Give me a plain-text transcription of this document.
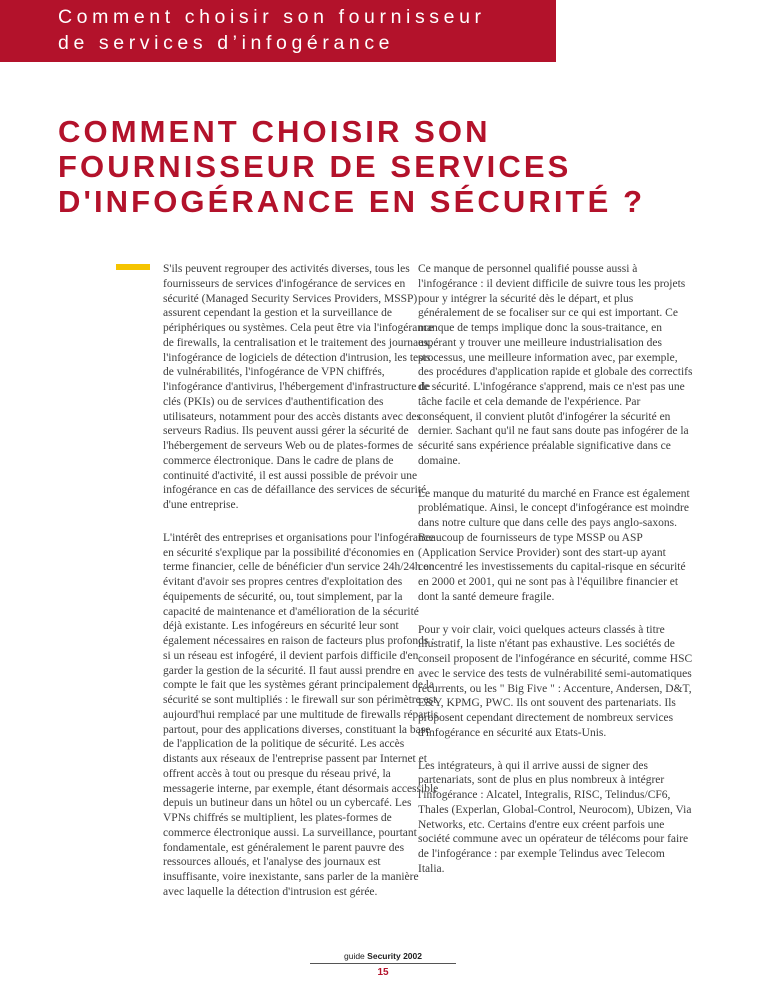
Comment choisir son fournisseur
de services d’infogérance
COMMENT CHOISIR SON
FOURNISSEUR DE SERVICES
D'INFOGÉRANCE EN SÉCURITÉ ?

S'ils peuvent regrouper des activités diverses, tous les fournisseurs de services d'infogérance de services en sécurité (Managed Security Services Providers, MSSP) assurent cependant la gestion et la surveillance de périphériques ou systèmes. Cela peut être via l'infogérance de firewalls, la centralisation et le traitement des journaux, l'infogérance de logiciels de détection d'intrusion, les tests de vulnérabilités, l'infogérance de VPN chiffrés, l'infogérance d'antivirus, l'hébergement d'infrastructure de clés (PKIs) ou de services d'authentification des utilisateurs, notamment pour des accès distants avec des serveurs Radius. Ils peuvent aussi gérer la sécurité de l'hébergement de serveurs Web ou de plates-formes de commerce électronique. Dans le cadre de plans de continuité d'activité, il est aussi possible de prévoir une infogérance en cas de défaillance des services de sécurité d'une entreprise.

L'intérêt des entreprises et organisations pour l'infogérance en sécurité s'explique par la possibilité d'économies en terme financier, celle de bénéficier d'un service 24h/24h en évitant d'avoir ses propres centres d'exploitation des équipements de sécurité, ou, tout simplement, par la capacité de maintenance et d'amélioration de la sécurité déjà existante. Les infogéreurs en sécurité leur sont également nécessaires en raison de facteurs plus profonds : si un réseau est infogéré, il devient parfois difficile d'en garder la gestion de la sécurité. Il faut aussi prendre en compte le fait que les systèmes gérant principalement de la sécurité se sont multipliés : le firewall sur son périmètre est aujourd'hui remplacé par une multitude de firewalls répartis partout, pour des applications diverses, constituant la base de l'application de la politique de sécurité. Les accès distants aux réseaux de l'entreprise passent par Internet et offrent accès à tout ou presque du réseau privé, la messagerie interne, par exemple, étant désormais accessible depuis un butineur dans un hôtel ou un cybercafé. Les VPNs chiffrés se multiplient, les plates-formes de commerce électronique aussi. La surveillance, pourtant fondamentale, est généralement le parent pauvre des ressources alloués, et l'analyse des journaux est insuffisante, voire inexistante, sans parler de la manière avec laquelle la détection d'intrusion est gérée.

Ce manque de personnel qualifié pousse aussi à l'infogérance : il devient difficile de suivre tous les projets pour y intégrer la sécurité dès le départ, et plus généralement de se focaliser sur ce qui est important. Ce manque de temps implique donc la sous-traitance, en espérant y trouver une meilleure industrialisation des processus, une meilleure information avec, par exemple, des procédures d'application rapide et globale des correctifs de sécurité. L'infogérance s'apprend, mais ce n'est pas une tâche facile et cela demande de l'expérience. Par conséquent, il convient plutôt d'infogérer la sécurité en dernier. Sachant qu'il ne faut sans doute pas infogérer de la sécurité sans expérience préalable significative dans ce domaine.

Le manque du maturité du marché en France est également problématique. Ainsi, le concept d'infogérance est moindre dans notre culture que dans celle des pays anglo-saxons. Beaucoup de fournisseurs de type MSSP ou ASP (Application Service Provider) sont des start-up ayant concentré les investissements du capital-risque en sécurité en 2000 et 2001, qui ne sont pas à l'équilibre financier et dont la santé demeure fragile.

Pour y voir clair, voici quelques acteurs classés à titre illustratif, la liste n'étant pas exhaustive. Les sociétés de conseil proposent de l'infogérance en sécurité, comme HSC avec le service des tests de vulnérabilité semi-automatiques récurrents, ou les " Big Five " : Accenture, Andersen, D&T, E&Y, KPMG, PWC. Ils ont souvent des partenariats. Ils proposent cependant directement de nombreux services d'infogérance en sécurité aux Etats-Unis.

Les intégrateurs, à qui il arrive aussi de signer des partenariats, sont de plus en plus nombreux à intégrer l'infogérance : Alcatel, Integralis, RISC, Telindus/CF6, Thales (Experlan, Global-Control, Neurocom), Ubizen, Via Networks, etc. Certains d'entre eux créent parfois une société commune avec un opérateur de télécoms pour faire de l'infogérance : par exemple Telindus avec Telecom Italia.

guide Security 2002
15
